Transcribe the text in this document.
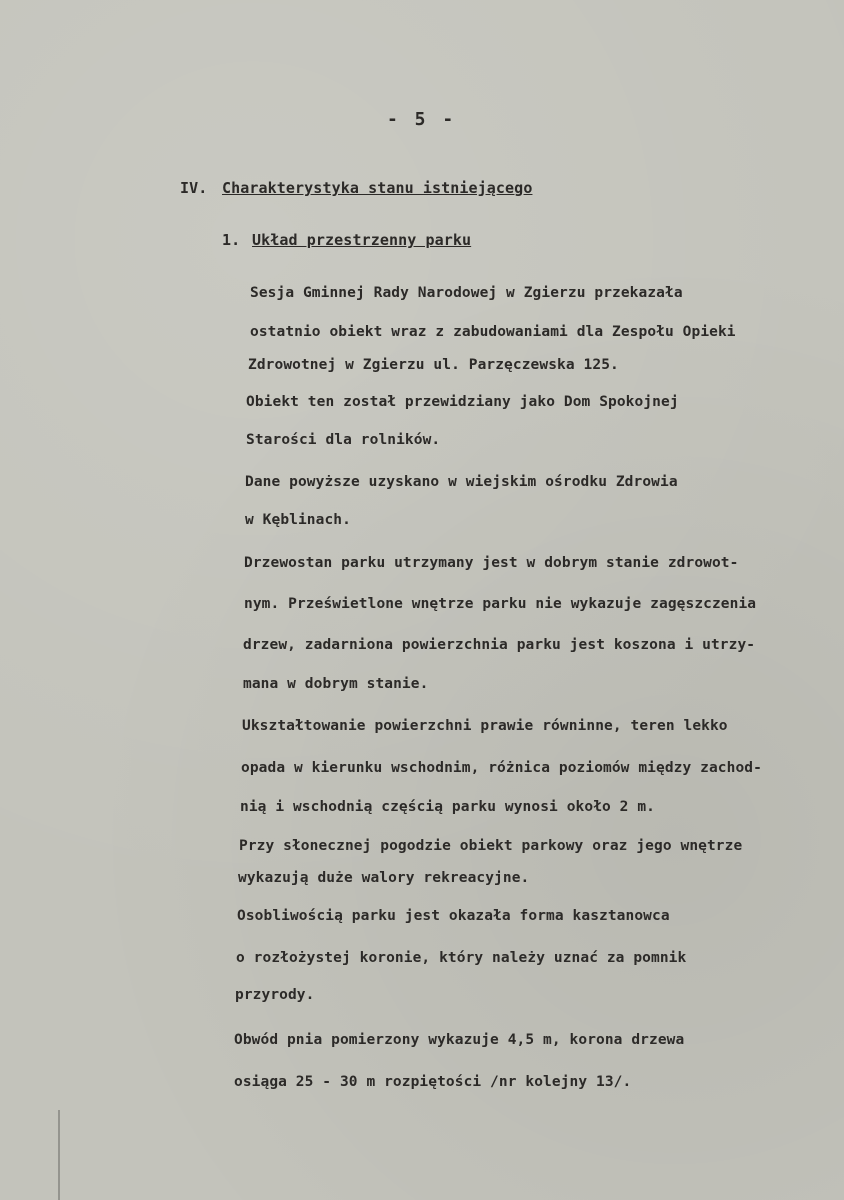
- 5 -
IV. Charakterystyka stanu istniejącego
1. Układ przestrzenny parku
Sesja Gminnej Rady Narodowej w Zgierzu przekazała
ostatnio obiekt wraz z zabudowaniami dla Zespołu Opieki
Zdrowotnej w Zgierzu ul. Parzęczewska 125.
Obiekt ten został przewidziany jako Dom Spokojnej
Starości dla rolników.
Dane powyższe uzyskano w wiejskim ośrodku Zdrowia
w Kęblinach.
Drzewostan parku utrzymany jest w dobrym stanie zdrowot-
nym. Prześwietlone wnętrze parku nie wykazuje zagęszczenia
drzew, zadarniona powierzchnia parku jest koszona i utrzy-
mana w dobrym stanie.
Ukształtowanie powierzchni prawie równinne, teren lekko
opada w kierunku wschodnim, różnica poziomów między zachod-
nią i wschodnią częścią parku wynosi około 2 m.
Przy słonecznej pogodzie obiekt parkowy oraz jego wnętrze
wykazują duże walory rekreacyjne.
Osobliwością parku jest okazała forma kasztanowca
o rozłożystej koronie, który należy uznać za pomnik
przyrody.
Obwód pnia pomierzony wykazuje 4,5 m, korona drzewa
osiąga 25 - 30 m rozpiętości /nr kolejny 13/.
